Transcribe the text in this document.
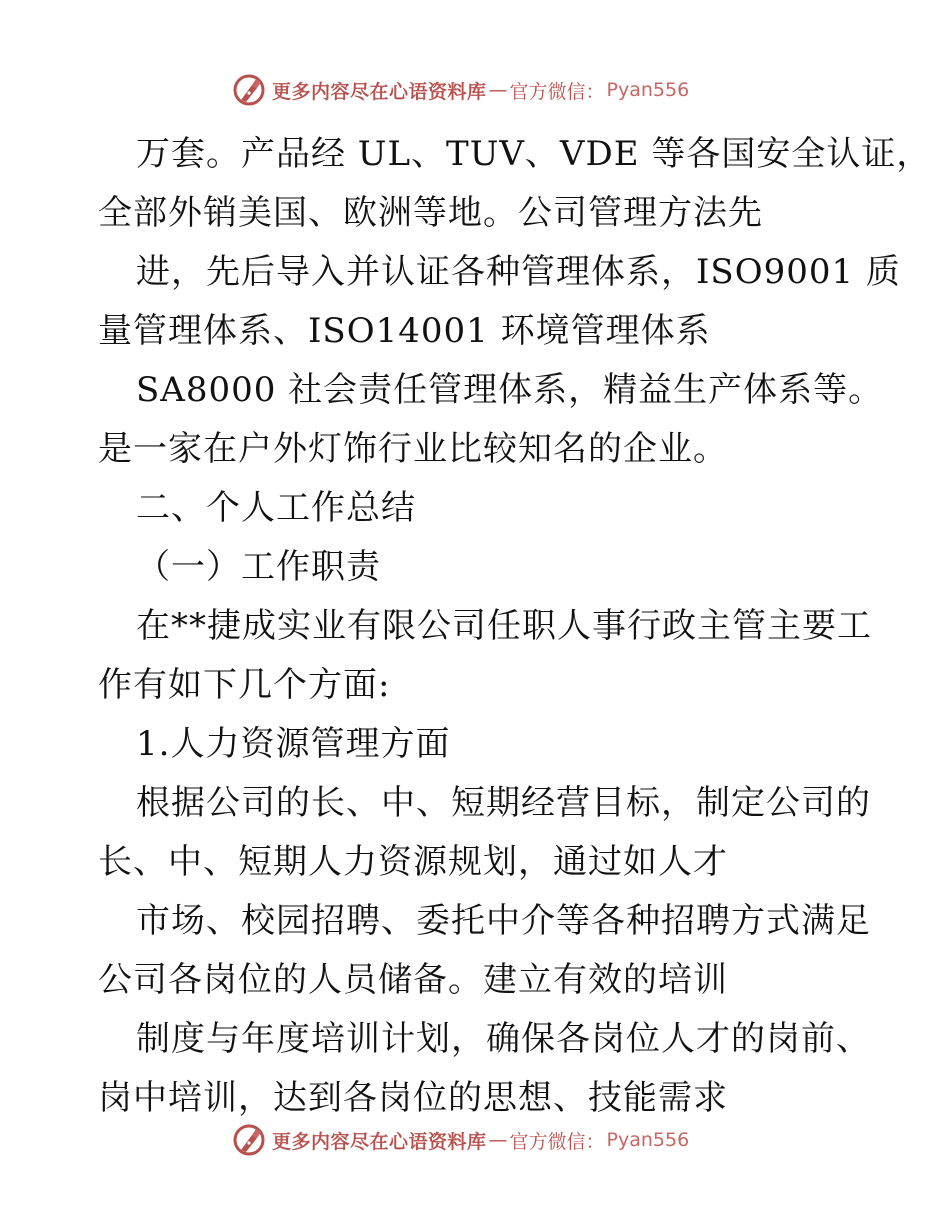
更多内容尽在心语资料库 — 官方微信： Pyan556
万套。产品经 UL、TUV、VDE 等各国安全认证，
全部外销美国、欧洲等地。公司管理方法先
进，先后导入并认证各种管理体系，ISO9001 质
量管理体系、ISO14001 环境管理体系
SA8000 社会责任管理体系，精益生产体系等。
是一家在户外灯饰行业比较知名的企业。
二、个人工作总结
（一）工作职责
在**捷成实业有限公司任职人事行政主管主要工
作有如下几个方面:
1.人力资源管理方面
根据公司的长、中、短期经营目标，制定公司的
长、中、短期人力资源规划，通过如人才
市场、校园招聘、委托中介等各种招聘方式满足
公司各岗位的人员储备。建立有效的培训
制度与年度培训计划，确保各岗位人才的岗前、
岗中培训，达到各岗位的思想、技能需求
更多内容尽在心语资料库 — 官方微信： Pyan556
